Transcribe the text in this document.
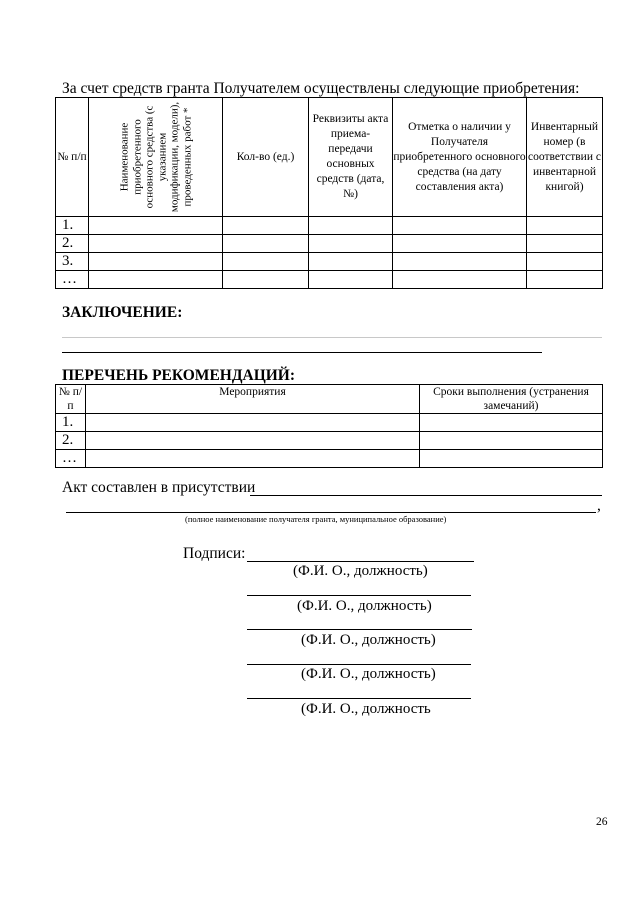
За счет средств гранта Получателем осуществлены следующие приобретения:
№ п/п	Наименование приобретенного основного средства (с указанием модификации, модели), проведенных работ *	Кол-во (ед.)	Реквизиты акта приема-передачи основных средств (дата, №)	Отметка о наличии у Получателя приобретенного основного средства (на дату составления акта)	Инвентарный номер (в соответствии с инвентарной книгой)
1.					
2.					
3.					
…					
ЗАКЛЮЧЕНИЕ:
ПЕРЕЧЕНЬ РЕКОМЕНДАЦИЙ:
№ п/п	Мероприятия	Сроки выполнения (устранения замечаний)
1.		
2.		
…		
Акт составлен в присутствии
,
(полное наименование получателя гранта, муниципальное образование)
Подписи:
(Ф.И. О., должность)
(Ф.И. О., должность)
(Ф.И. О., должность)
(Ф.И. О., должность)
(Ф.И. О., должность
26
